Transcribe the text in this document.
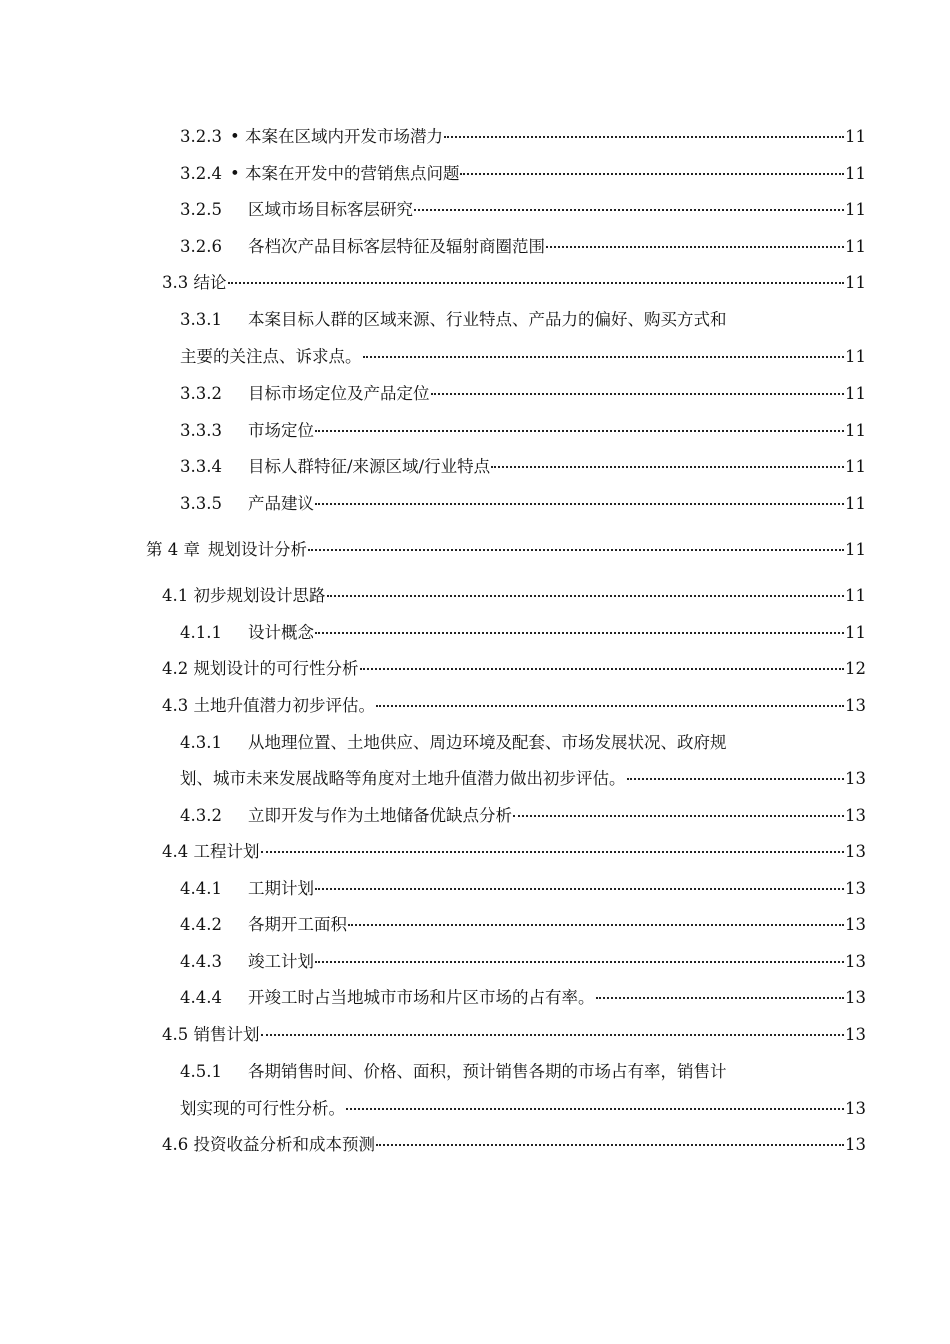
3.2.3 • 本案在区域内开发市场潜力	11
3.2.4 • 本案在开发中的营销焦点问题	11
3.2.5	区域市场目标客层研究	11
3.2.6	各档次产品目标客层特征及辐射商圈范围	11
3.3 结论	11
3.3.1	本案目标人群的区域来源、行业特点、产品力的偏好、购买方式和
主要的关注点、诉求点。	11
3.3.2	目标市场定位及产品定位	11
3.3.3	市场定位	11
3.3.4	目标人群特征/来源区域/行业特点	11
3.3.5	产品建议	11
第 4 章 规划设计分析	11
4.1 初步规划设计思路	11
4.1.1	设计概念	11
4.2 规划设计的可行性分析	12
4.3 土地升值潜力初步评估。	13
4.3.1	从地理位置、土地供应、周边环境及配套、市场发展状况、政府规
划、城市未来发展战略等角度对土地升值潜力做出初步评估。	13
4.3.2	立即开发与作为土地储备优缺点分析	13
4.4 工程计划	13
4.4.1	工期计划	13
4.4.2	各期开工面积	13
4.4.3	竣工计划	13
4.4.4	开竣工时占当地城市市场和片区市场的占有率。	13
4.5 销售计划	13
4.5.1	各期销售时间、价格、面积，预计销售各期的市场占有率，销售计
划实现的可行性分析。	13
4.6 投资收益分析和成本预测	13
